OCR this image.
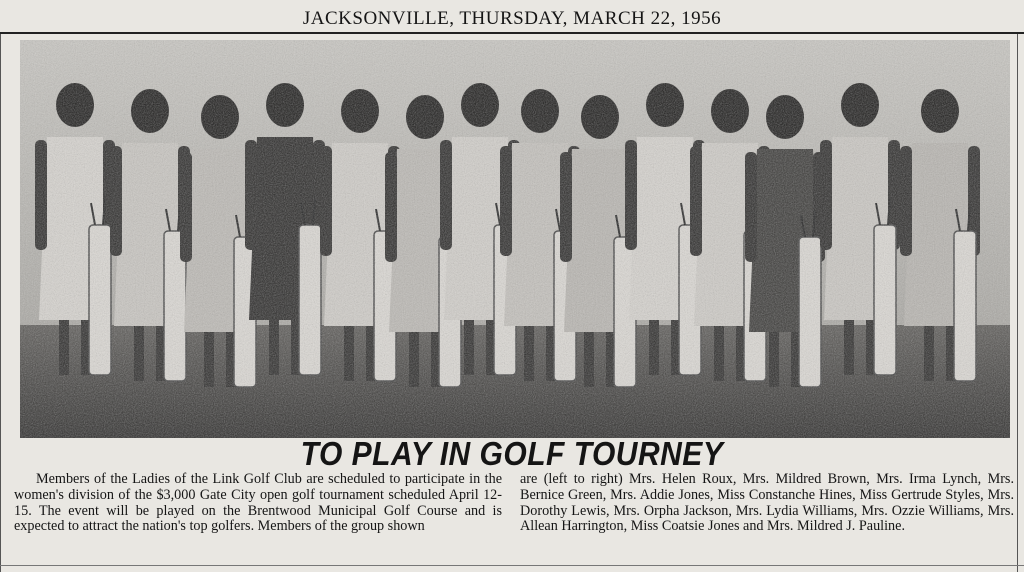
JACKSONVILLE, THURSDAY, MARCH 22, 1956
TO PLAY IN GOLF TOURNEY
Members of the Ladies of the Link Golf Club are scheduled to participate in the women's division of the $3,000 Gate City open golf tournament scheduled April 12-15. The event will be played on the Brentwood Municipal Golf Course and is expected to attract the nation's top golfers. Members of the group shown
are (left to right) Mrs. Helen Roux, Mrs. Mildred Brown, Mrs. Irma Lynch, Mrs. Bernice Green, Mrs. Addie Jones, Miss Constanche Hines, Miss Gertrude Styles, Mrs. Dorothy Lewis, Mrs. Orpha Jackson, Mrs. Lydia Williams, Mrs. Ozzie Williams, Mrs. Allean Harrington, Miss Coatsie Jones and Mrs. Mildred J. Pauline.
